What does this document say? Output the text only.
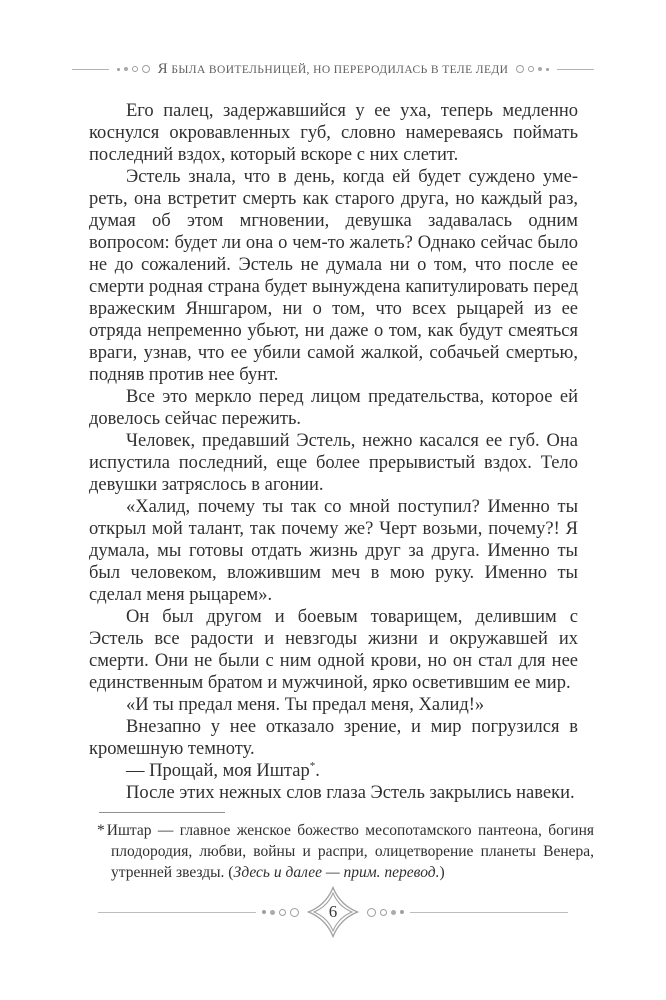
Я БЫЛА ВОИТЕЛЬНИЦЕЙ, НО ПЕРЕРОДИЛАСЬ В ТЕЛЕ ЛЕДИ

Его палец, задержавшийся у ее уха, теперь медленно коснулся окровавленных губ, словно намереваясь поймать последний вздох, который вскоре с них слетит.

Эстель знала, что в день, когда ей будет суждено умереть, она встретит смерть как старого друга, но каждый раз, думая об этом мгновении, девушка задавалась одним вопросом: будет ли она о чем-то жалеть? Однако сейчас было не до сожалений. Эстель не думала ни о том, что после ее смерти родная страна будет вынуждена капитулировать перед вражеским Яншгаром, ни о том, что всех рыцарей из ее отряда непременно убьют, ни даже о том, как будут смеяться враги, узнав, что ее убили самой жалкой, собачьей смертью, подняв против нее бунт.

Все это меркло перед лицом предательства, которое ей довелось сейчас пережить.

Человек, предавший Эстель, нежно касался ее губ. Она испустила последний, еще более прерывистый вздох. Тело девушки затряслось в агонии.

«Халид, почему ты так со мной поступил? Именно ты открыл мой талант, так почему же? Черт возьми, почему?! Я думала, мы готовы отдать жизнь друг за друга. Именно ты был человеком, вложившим меч в мою руку. Именно ты сделал меня рыцарем».

Он был другом и боевым товарищем, делившим с Эстель все радости и невзгоды жизни и окружавшей их смерти. Они не были с ним одной крови, но он стал для нее единственным братом и мужчиной, ярко осветившим ее мир.

«И ты предал меня. Ты предал меня, Халид!»

Внезапно у нее отказало зрение, и мир погрузился в кромешную темноту.

— Прощай, моя Иштар*.

После этих нежных слов глаза Эстель закрылись навеки.

* Иштар — главное женское божество месопотамского пантеона, богиня плодородия, любви, войны и распри, олицетворение планеты Венера, утренней звезды. (Здесь и далее — прим. перевод.)

6
